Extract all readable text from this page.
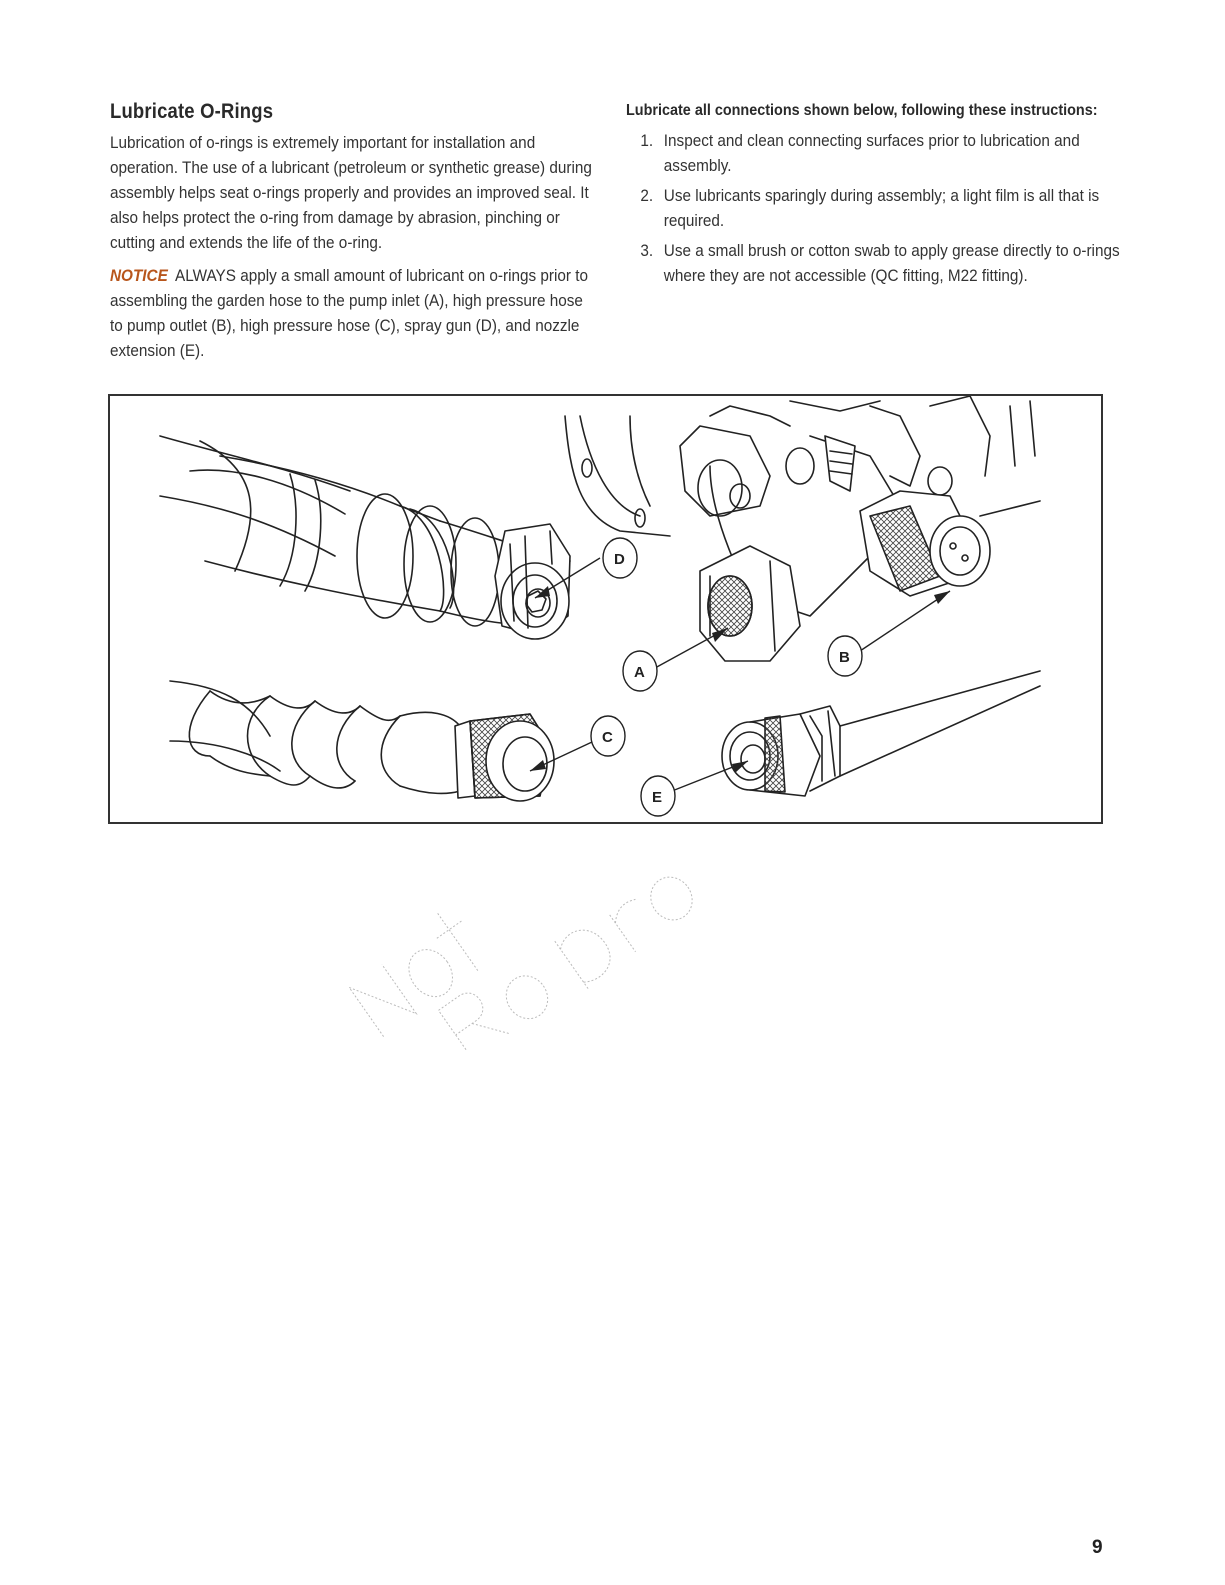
Lubricate O-Rings

Lubrication of o-rings is extremely important for installation and operation. The use of a lubricant (petroleum or synthetic grease) during assembly helps seat o-rings properly and provides an improved seal. It also helps protect the o-ring from damage by abrasion, pinching or cutting and extends the life of the o-ring.

NOTICE ALWAYS apply a small amount of lubricant on o-rings prior to assembling the garden hose to the pump inlet (A), high pressure hose to pump outlet (B), high pressure hose (C), spray gun (D), and nozzle extension (E).

Lubricate all connections shown below, following these instructions:
1. Inspect and clean connecting surfaces prior to lubrication and assembly.
2. Use lubricants sparingly during assembly; a light film is all that is required.
3. Use a small brush or cotton swab to apply grease directly to o-rings where they are not accessible (QC fitting, M22 fitting).
D
A
B
C
E
9
